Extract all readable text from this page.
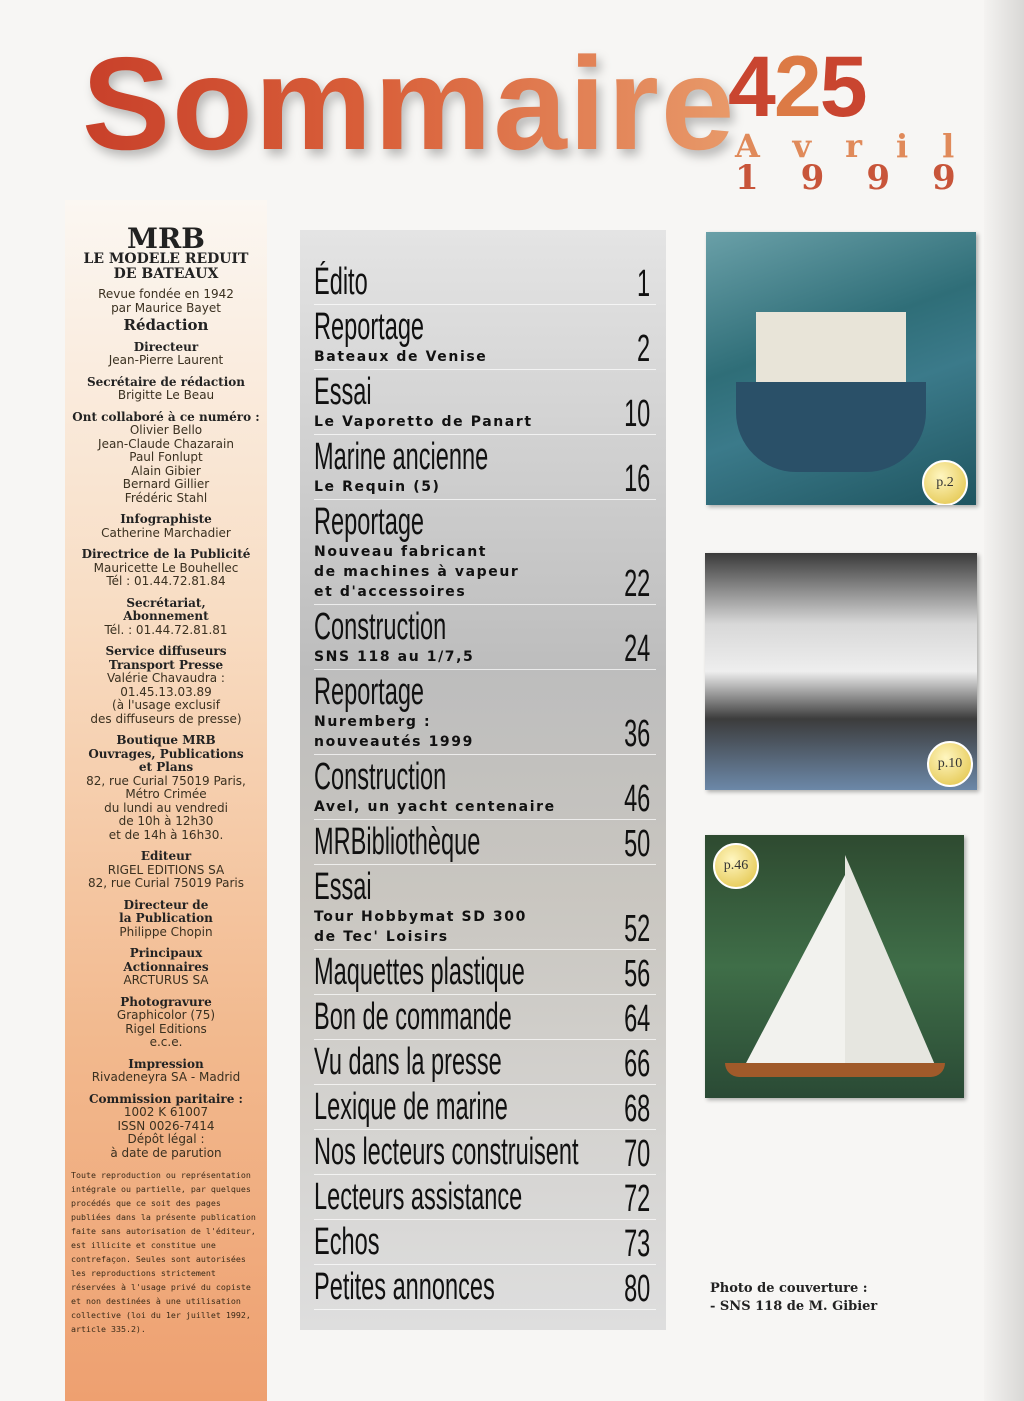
Sommaire
425
Avril
1999
MRB
LE MODELE REDUIT
DE BATEAUX
Revue fondée en 1942
par Maurice Bayet
Rédaction
Directeur
Jean-Pierre Laurent
Secrétaire de rédaction
Brigitte Le Beau
Ont collaboré à ce numéro :
Olivier Bello
Jean-Claude Chazarain
Paul Fonlupt
Alain Gibier
Bernard Gillier
Frédéric Stahl
Infographiste
Catherine Marchadier
Directrice de la Publicité
Mauricette Le Bouhellec
Tél : 01.44.72.81.84
Secrétariat,
Abonnement
Tél. : 01.44.72.81.81
Service diffuseurs
Transport Presse
Valérie Chavaudra :
01.45.13.03.89
(à l'usage exclusif
des diffuseurs de presse)
Boutique MRB
Ouvrages, Publications
et Plans
82, rue Curial 75019 Paris,
Métro Crimée
du lundi au vendredi
de 10h à 12h30
et de 14h à 16h30.
Editeur
RIGEL EDITIONS SA
82, rue Curial 75019 Paris
Directeur de
la Publication
Philippe Chopin
Principaux
Actionnaires
ARCTURUS SA
Photogravure
Graphicolor (75)
Rigel Editions
e.c.e.
Impression
Rivadeneyra SA - Madrid
Commission paritaire :
1002 K 61007
ISSN 0026-7414
Dépôt légal :
à date de parution
Toute reproduction ou représentation intégrale ou partielle, par quelques procédés que ce soit des pages publiées dans la présente publication faite sans autorisation de l'éditeur, est illicite et constitue une contrefaçon. Seules sont autorisées les reproductions strictement réservées à l'usage privé du copiste et non destinées à une utilisation collective (loi du 1er juillet 1992, article 335.2).
Édito	1
Reportage
Bateaux de Venise	2
Essai
Le Vaporetto de Panart	10
Marine ancienne
Le Requin (5)	16
Reportage
Nouveau fabricant
de machines à vapeur
et d'accessoires	22
Construction
SNS 118 au 1/7,5	24
Reportage
Nuremberg :
nouveautés 1999	36
Construction
Avel, un yacht centenaire	46
MRBibliothèque	50
Essai
Tour Hobbymat SD 300
de Tec' Loisirs	52
Maquettes plastique	56
Bon de commande	64
Vu dans la presse	66
Lexique de marine	68
Nos lecteurs construisent 70
Lecteurs assistance	72
Echos	73
Petites annonces	80
p.2
p.10
p.46
Photo de couverture :
- SNS 118 de M. Gibier
